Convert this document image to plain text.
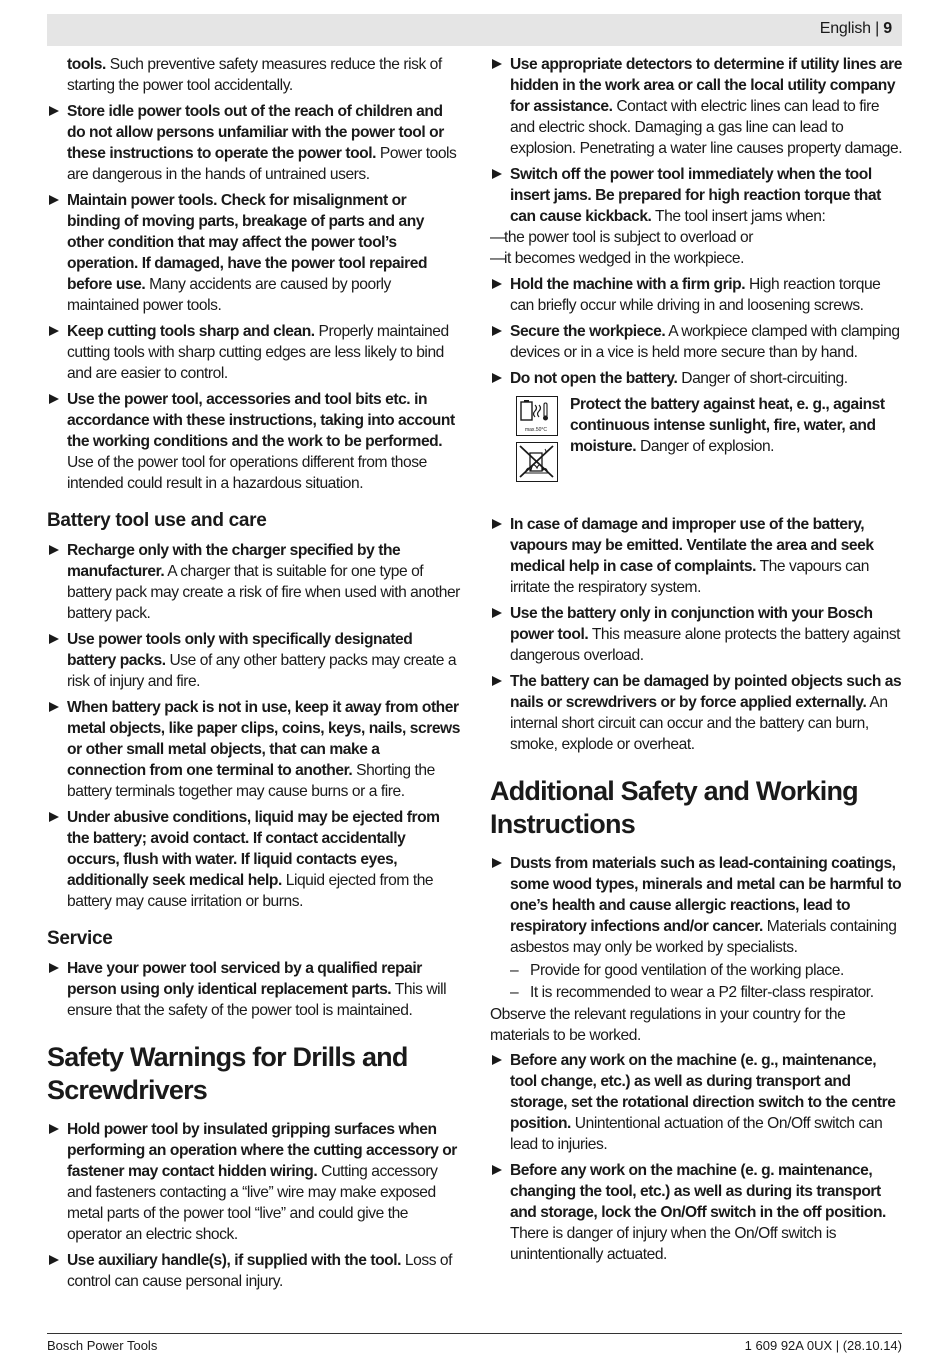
English | 9
tools. Such preventive safety measures reduce the risk of starting the power tool accidentally.
Store idle power tools out of the reach of children and do not allow persons unfamiliar with the power tool or these instructions to operate the power tool. Power tools are dangerous in the hands of untrained users.
Maintain power tools. Check for misalignment or binding of moving parts, breakage of parts and any other condition that may affect the power tool’s operation. If damaged, have the power tool repaired before use. Many accidents are caused by poorly maintained power tools.
Keep cutting tools sharp and clean. Properly maintained cutting tools with sharp cutting edges are less likely to bind and are easier to control.
Use the power tool, accessories and tool bits etc. in accordance with these instructions, taking into account the working conditions and the work to be performed. Use of the power tool for operations different from those intended could result in a hazardous situation.
Battery tool use and care
Recharge only with the charger specified by the manufacturer. A charger that is suitable for one type of battery pack may create a risk of fire when used with another battery pack.
Use power tools only with specifically designated battery packs. Use of any other battery packs may create a risk of injury and fire.
When battery pack is not in use, keep it away from other metal objects, like paper clips, coins, keys, nails, screws or other small metal objects, that can make a connection from one terminal to another. Shorting the battery terminals together may cause burns or a fire.
Under abusive conditions, liquid may be ejected from the battery; avoid contact. If contact accidentally occurs, flush with water. If liquid contacts eyes, additionally seek medical help. Liquid ejected from the battery may cause irritation or burns.
Service
Have your power tool serviced by a qualified repair person using only identical replacement parts. This will ensure that the safety of the power tool is maintained.
Safety Warnings for Drills and Screwdrivers
Hold power tool by insulated gripping surfaces when performing an operation where the cutting accessory or fastener may contact hidden wiring. Cutting accessory and fasteners contacting a “live” wire may make exposed metal parts of the power tool “live” and could give the operator an electric shock.
Use auxiliary handle(s), if supplied with the tool. Loss of control can cause personal injury.
Use appropriate detectors to determine if utility lines are hidden in the work area or call the local utility company for assistance. Contact with electric lines can lead to fire and electric shock. Damaging a gas line can lead to explosion. Penetrating a water line causes property damage.
Switch off the power tool immediately when the tool insert jams. Be prepared for high reaction torque that can cause kickback. The tool insert jams when:
—
the power tool is subject to overload or
—
it becomes wedged in the workpiece.
Hold the machine with a firm grip. High reaction torque can briefly occur while driving in and loosening screws.
Secure the workpiece. A workpiece clamped with clamping devices or in a vice is held more secure than by hand.
Do not open the battery. Danger of short-circuiting.
max.50°C
Protect the battery against heat, e. g., against continuous intense sunlight, fire, water, and moisture. Danger of explosion.
In case of damage and improper use of the battery, vapours may be emitted. Ventilate the area and seek medical help in case of complaints. The vapours can irritate the respiratory system.
Use the battery only in conjunction with your Bosch power tool. This measure alone protects the battery against dangerous overload.
The battery can be damaged by pointed objects such as nails or screwdrivers or by force applied externally. An internal short circuit can occur and the battery can burn, smoke, explode or overheat.
Additional Safety and Working Instructions
Dusts from materials such as lead-containing coatings, some wood types, minerals and metal can be harmful to one’s health and cause allergic reactions, lead to respiratory infections and/or cancer. Materials containing asbestos may only be worked by specialists.
– Provide for good ventilation of the working place.
– It is recommended to wear a P2 filter-class respirator.
Observe the relevant regulations in your country for the materials to be worked.
Before any work on the machine (e. g., maintenance, tool change, etc.) as well as during transport and storage, set the rotational direction switch to the centre position. Unintentional actuation of the On/Off switch can lead to injuries.
Before any work on the machine (e. g. maintenance, changing the tool, etc.) as well as during its transport and storage, lock the On/Off switch in the off position. There is danger of injury when the On/Off switch is unintentionally actuated.
Bosch Power Tools	1 609 92A 0UX | (28.10.14)
